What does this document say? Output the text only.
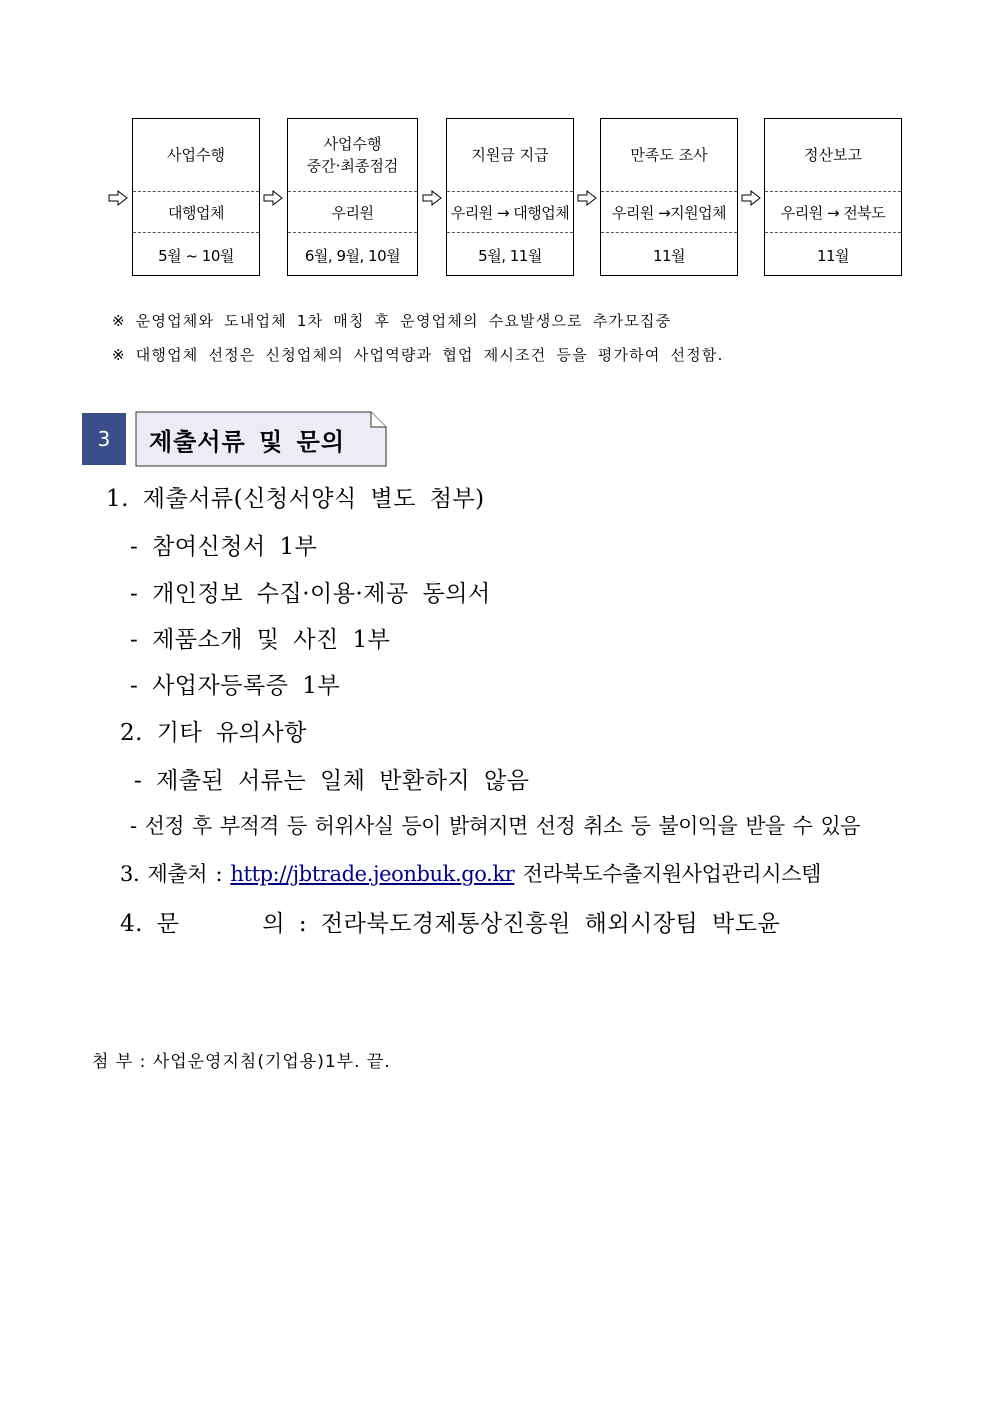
사업수행
대행업체
5월 ~ 10월
사업수행
중간·최종점검
우리원
6월, 9월, 10월
지원금 지급
우리원 → 대행업체
5월, 11월
만족도 조사
우리원 →지원업체
11월
정산보고
우리원 → 전북도
11월
※ 운영업체와 도내업체 1차 매칭 후 운영업체의 수요발생으로 추가모집중
※ 대행업체 선정은 신청업체의 사업역량과 협업 제시조건 등을 평가하여 선정함.
3	제출서류 및 문의
1. 제출서류(신청서양식 별도 첨부)
- 참여신청서 1부
- 개인정보 수집·이용·제공 동의서
- 제품소개 및 사진 1부
- 사업자등록증 1부
2. 기타 유의사항
- 제출된 서류는 일체 반환하지 않음
- 선정 후 부적격 등 허위사실 등이 밝혀지면 선정 취소 등 불이익을 받을 수 있음
3. 제출처 : http://jbtrade.jeonbuk.go.kr 전라북도수출지원사업관리시스템
4. 문      의 : 전라북도경제통상진흥원 해외시장팀 박도윤
첨 부 : 사업운영지침(기업용)1부. 끝.
